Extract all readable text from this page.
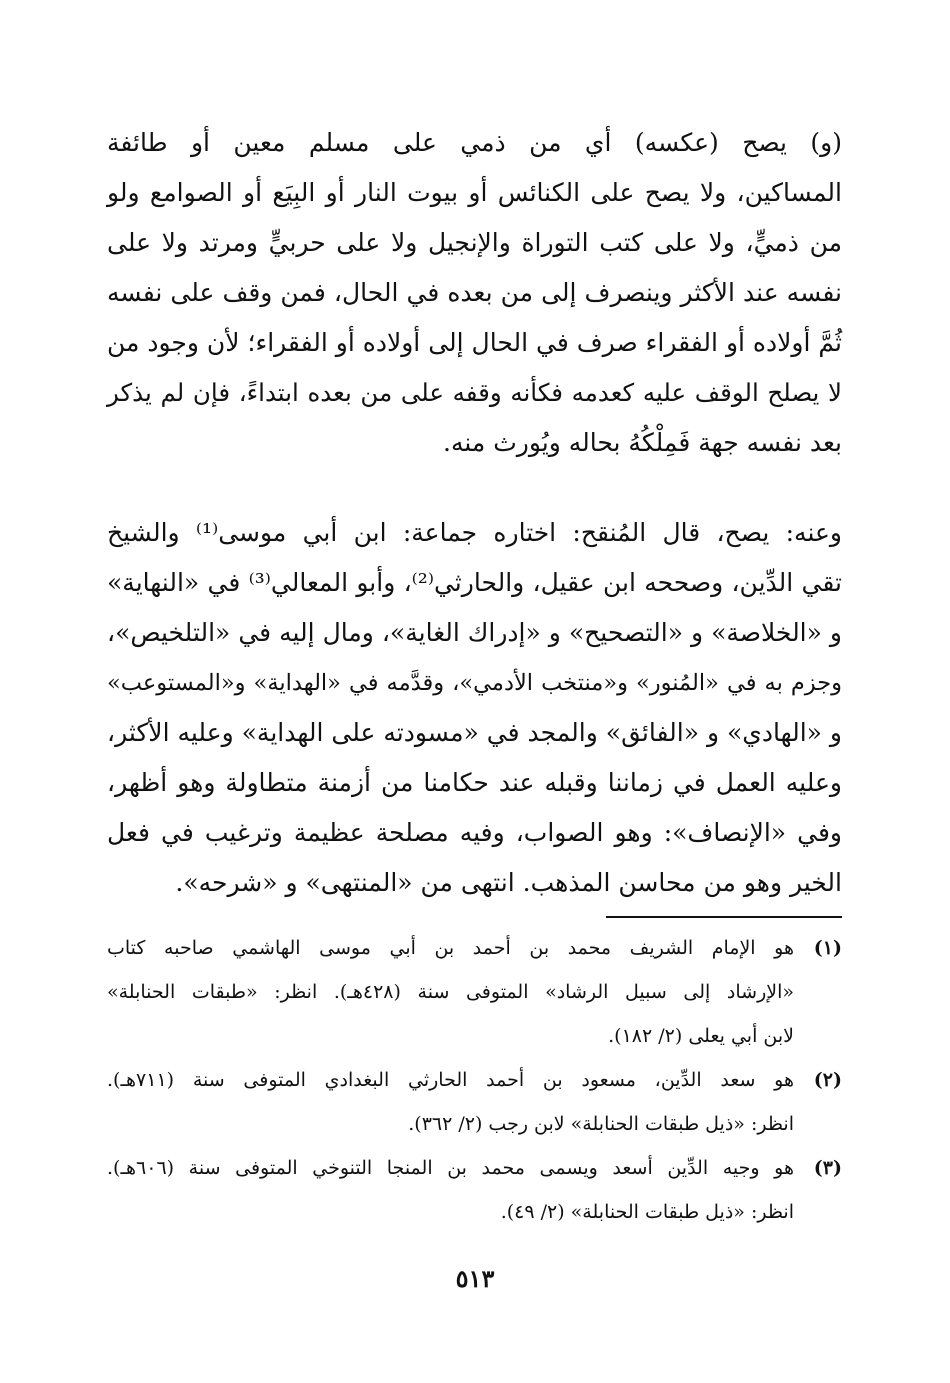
(و) يصح (عكسه) أي من ذمي على مسلم معين أو طائفة
المساكين، ولا يصح على الكنائس أو بيوت النار أو البِيَع أو الصوامع ولو
من ذميٍّ، ولا على كتب التوراة والإنجيل ولا على حربيٍّ ومرتد ولا على
نفسه عند الأكثر وينصرف إلى من بعده في الحال، فمن وقف على نفسه
ثُمَّ أولاده أو الفقراء صرف في الحال إلى أولاده أو الفقراء؛ لأن وجود من
لا يصلح الوقف عليه كعدمه فكأنه وقفه على من بعده ابتداءً، فإن لم يذكر
بعد نفسه جهة فَمِلْكُهُ بحاله ويُورث منه.
وعنه: يصح، قال المُنقح: اختاره جماعة: ابن أبي موسى⁽¹⁾ والشيخ
تقي الدِّين، وصححه ابن عقيل، والحارثي⁽²⁾، وأبو المعالي⁽³⁾ في «النهاية»
و «الخلاصة» و «التصحيح» و «إدراك الغاية»، ومال إليه في «التلخيص»،
وجزم به في «المُنور» و«منتخب الأدمي»، وقدَّمه في «الهداية» و«المستوعب»
و «الهادي» و «الفائق» والمجد في «مسودته على الهداية» وعليه الأكثر،
وعليه العمل في زماننا وقبله عند حكامنا من أزمنة متطاولة وهو أظهر،
وفي «الإنصاف»: وهو الصواب، وفيه مصلحة عظيمة وترغيب في فعل
الخير وهو من محاسن المذهب. انتهى من «المنتهى» و «شرحه».
(١)
هو الإمام الشريف محمد بن أحمد بن أبي موسى الهاشمي صاحبه كتاب
«الإرشاد إلى سبيل الرشاد» المتوفى سنة (٤٢٨هـ). انظر: «طبقات الحنابلة»
لابن أبي يعلى (٢/ ١٨٢).
(٢)
هو سعد الدِّين، مسعود بن أحمد الحارثي البغدادي المتوفى سنة (٧١١هـ).
انظر: «ذيل طبقات الحنابلة» لابن رجب (٢/ ٣٦٢).
(٣)
هو وجيه الدِّين أسعد ويسمى محمد بن المنجا التنوخي المتوفى سنة (٦٠٦هـ).
انظر: «ذيل طبقات الحنابلة» (٢/ ٤٩).
٥١٣
